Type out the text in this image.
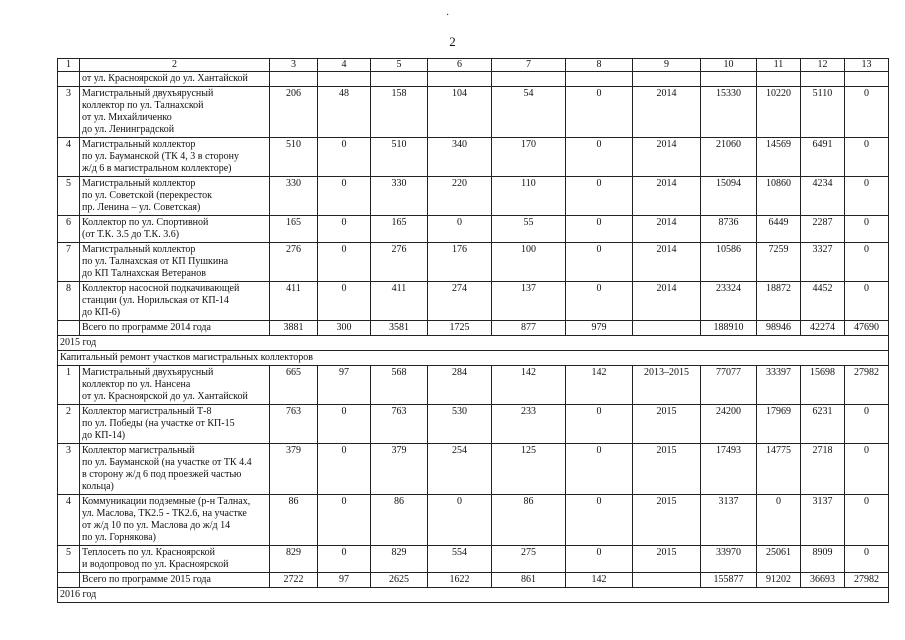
·
2
1	2	3	4	5	6	7	8	9	10	11	12	13
	от ул. Красноярской до ул. Хантайской											
3	Магистральный двухъярусный
коллектор по ул. Талнахской
от ул. Михайличенко
до ул. Ленинградской	206	48	158	104	54	0	2014	15330	10220	5110	0
4	Магистральный коллектор
по ул. Бауманской (ТК 4, 3 в сторону
ж/д 6 в магистральном коллекторе)	510	0	510	340	170	0	2014	21060	14569	6491	0
5	Магистральный коллектор
по ул. Советской (перекресток
пр. Ленина – ул. Советская)	330	0	330	220	110	0	2014	15094	10860	4234	0
6	Коллектор по ул. Спортивной
(от Т.К. 3.5 до Т.К. 3.6)	165	0	165	0	55	0	2014	8736	6449	2287	0
7	Магистральный коллектор
по ул. Талнахская от КП Пушкина
до КП Талнахская Ветеранов	276	0	276	176	100	0	2014	10586	7259	3327	0
8	Коллектор насосной подкачивающей
станции (ул. Норильская от КП-14
до КП-6)	411	0	411	274	137	0	2014	23324	18872	4452	0
	Всего по программе 2014 года	3881	300	3581	1725	877	979		188910	98946	42274	47690
2015 год												
Капитальный ремонт участков магистральных коллекторов												
1	Магистральный двухъярусный
коллектор по ул. Нансена
от ул. Красноярской до ул. Хантайской	665	97	568	284	142	142	2013–2015	77077	33397	15698	27982
2	Коллектор магистральный Т-8
по ул. Победы (на участке от КП-15
до КП-14)	763	0	763	530	233	0	2015	24200	17969	6231	0
3	Коллектор магистральный
по ул. Бауманской (на участке от ТК 4.4
в сторону ж/д 6 под проезжей частью
кольца)	379	0	379	254	125	0	2015	17493	14775	2718	0
4	Коммуникации подземные (р-н Талнах,
ул. Маслова, ТК2.5 - ТК2.6, на участке
от ж/д 10 по ул. Маслова до ж/д 14
по ул. Горнякова)	86	0	86	0	86	0	2015	3137	0	3137	0
5	Теплосеть по ул. Красноярской
и водопровод по ул. Красноярской	829	0	829	554	275	0	2015	33970	25061	8909	0
	Всего по программе 2015 года	2722	97	2625	1622	861	142		155877	91202	36693	27982
2016 год												
